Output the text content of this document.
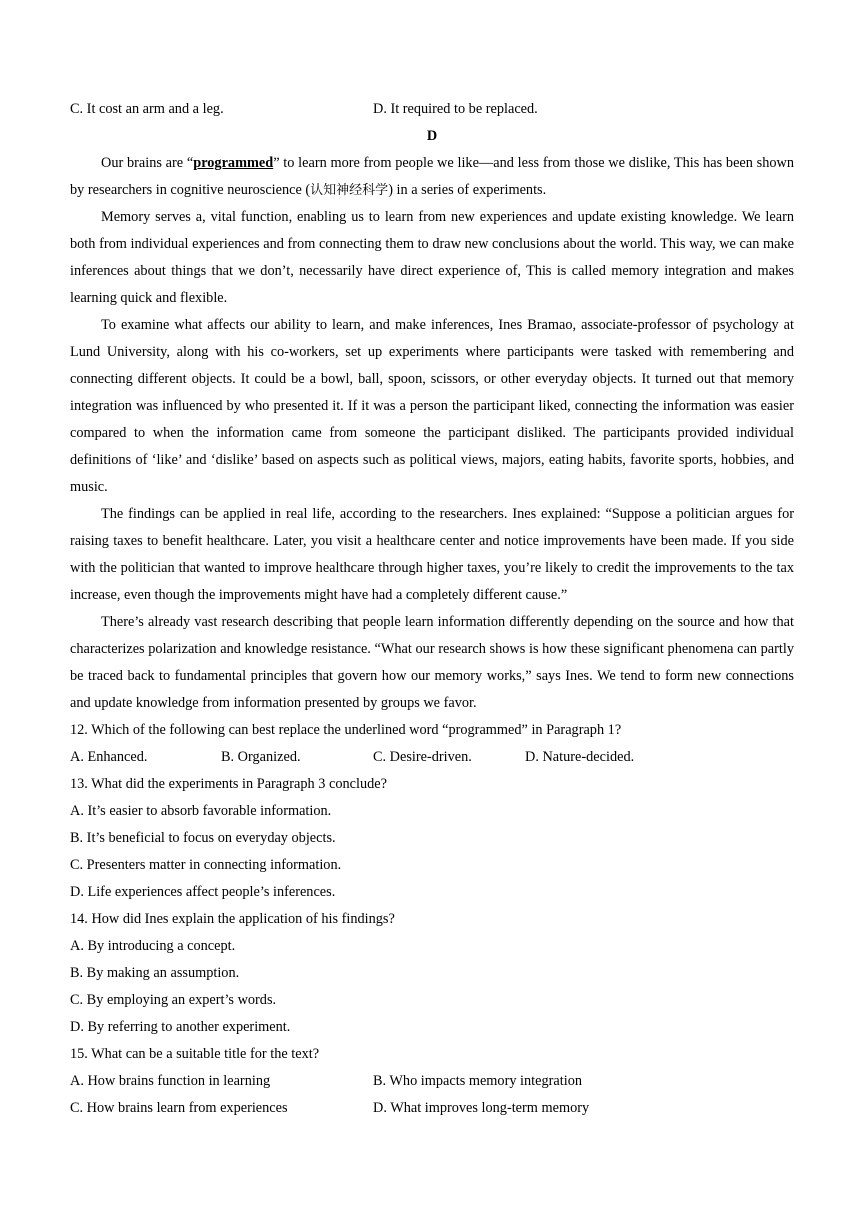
C. It cost an arm and a leg.	D. It required to be replaced.
D

Our brains are “programmed” to learn more from people we like—and less from those we dislike, This has been shown by researchers in cognitive neuroscience (认知神经科学) in a series of experiments.

Memory serves a, vital function, enabling us to learn from new experiences and update existing knowledge. We learn both from individual experiences and from connecting them to draw new conclusions about the world. This way, we can make inferences about things that we don’t, necessarily have direct experience of, This is called memory integration and makes learning quick and flexible.

To examine what affects our ability to learn, and make inferences, Ines Bramao, associate-professor of psychology at Lund University, along with his co-workers, set up experiments where participants were tasked with remembering and connecting different objects. It could be a bowl, ball, spoon, scissors, or other everyday objects. It turned out that memory integration was influenced by who presented it. If it was a person the participant liked, connecting the information was easier compared to when the information came from someone the participant disliked. The participants provided individual definitions of ‘like’ and ‘dislike’ based on aspects such as political views, majors, eating habits, favorite sports, hobbies, and music.

The findings can be applied in real life, according to the researchers. Ines explained: “Suppose a politician argues for raising taxes to benefit healthcare. Later, you visit a healthcare center and notice improvements have been made. If you side with the politician that wanted to improve healthcare through higher taxes, you’re likely to credit the improvements to the tax increase, even though the improvements might have had a completely different cause.”

There’s already vast research describing that people learn information differently depending on the source and how that characterizes polarization and knowledge resistance. “What our research shows is how these significant phenomena can partly be traced back to fundamental principles that govern how our memory works,” says Ines. We tend to form new connections and update knowledge from information presented by groups we favor.

12. Which of the following can best replace the underlined word “programmed” in Paragraph 1?
A. Enhanced.	B. Organized.	C. Desire-driven.	D. Nature-decided.
13. What did the experiments in Paragraph 3 conclude?
A. It’s easier to absorb favorable information.
B. It’s beneficial to focus on everyday objects.
C. Presenters matter in connecting information.
D. Life experiences affect people’s inferences.
14. How did Ines explain the application of his findings?
A. By introducing a concept.
B. By making an assumption.
C. By employing an expert’s words.
D. By referring to another experiment.
15. What can be a suitable title for the text?
A. How brains function in learning	B. Who impacts memory integration
C. How brains learn from experiences	D. What improves long-term memory
